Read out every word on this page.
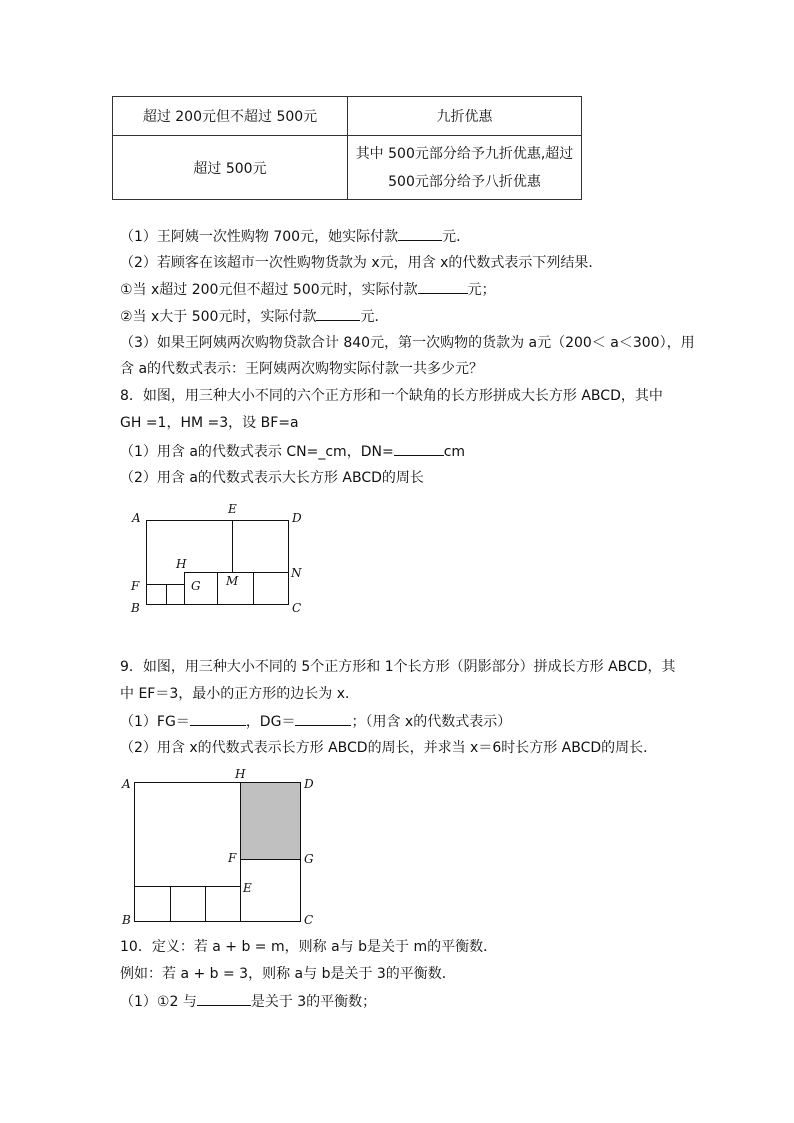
超过 200元但不超过 500元	九折优惠
超过 500元	其中 500元部分给予九折优惠,超过
500元部分给予八折优惠
（1）王阿姨一次性购物 700元，她实际付款	元．
（2）若顾客在该超市一次性购物货款为 x元，用含 x的代数式表示下列结果．
①当 x超过 200元但不超过 500元时，实际付款	元；
②当 x大于 500元时，实际付款	元．
（3）如果王阿姨两次购物贷款合计 840元，第一次购物的货款为 a元（200＜ a＜300），用
含 a的代数式表示：王阿姨两次购物实际付款一共多少元？
8．如图，用三种大小不同的六个正方形和一个缺角的长方形拼成大长方形 ABCD，其中
GH =1，HM =3，设 BF=a
（1）用含 a的代数式表示 CN=_cm，DN=	cm
（2）用含 a的代数式表示大长方形 ABCD的周长
A
E
D
H
F	G M
N
B	C
9．如图，用三种大小不同的 5个正方形和 1个长方形（阴影部分）拼成长方形 ABCD，其
中 EF＝3，最小的正方形的边长为 x．
（1）FG＝	，DG＝	；（用含 x的代数式表示）
（2）用含 x的代数式表示长方形 ABCD的周长，并求当 x＝6时长方形 ABCD的周长．
A
H
D
F	G
E
B	C
10．定义：若 a + b = m，则称 a与 b是关于 m的平衡数．
例如：若 a + b = 3，则称 a与 b是关于 3的平衡数．
（1）①2 与	是关于 3的平衡数；
